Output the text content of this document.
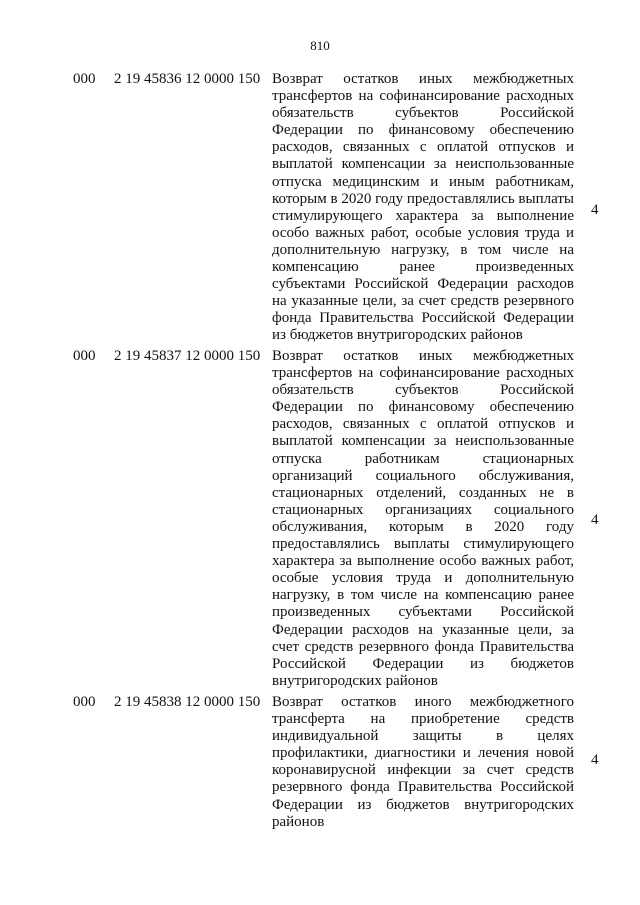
810
000 2 19 45836 12 0000 150 Возврат остатков иных межбюджетных
трансфертов на софинансирование расходных
обязательств субъектов Российской
Федерации по финансовому обеспечению
расходов, связанных с оплатой отпусков и
выплатой компенсации за неиспользованные
отпуска медицинским и иным работникам,
которым в 2020 году предоставлялись выплаты
стимулирующего характера за выполнение
особо важных работ, особые условия труда и
дополнительную нагрузку, в том числе на
компенсацию ранее произведенных
субъектами Российской Федерации расходов
на указанные цели, за счет средств резервного
фонда Правительства Российской Федерации
из бюджетов внутригородских районов
4
000 2 19 45837 12 0000 150 Возврат остатков иных межбюджетных
трансфертов на софинансирование расходных
обязательств субъектов Российской
Федерации по финансовому обеспечению
расходов, связанных с оплатой отпусков и
выплатой компенсации за неиспользованные
отпуска работникам стационарных
организаций социального обслуживания,
стационарных отделений, созданных не в
стационарных организациях социального
обслуживания, которым в 2020 году
предоставлялись выплаты стимулирующего
характера за выполнение особо важных работ,
особые условия труда и дополнительную
нагрузку, в том числе на компенсацию ранее
произведенных субъектами Российской
Федерации расходов на указанные цели, за
счет средств резервного фонда Правительства
Российской Федерации из бюджетов
внутригородских районов
4
000 2 19 45838 12 0000 150 Возврат остатков иного межбюджетного
трансферта на приобретение средств
индивидуальной защиты в целях
профилактики, диагностики и лечения новой
коронавирусной инфекции за счет средств
резервного фонда Правительства Российской
Федерации из бюджетов внутригородских
районов
4
